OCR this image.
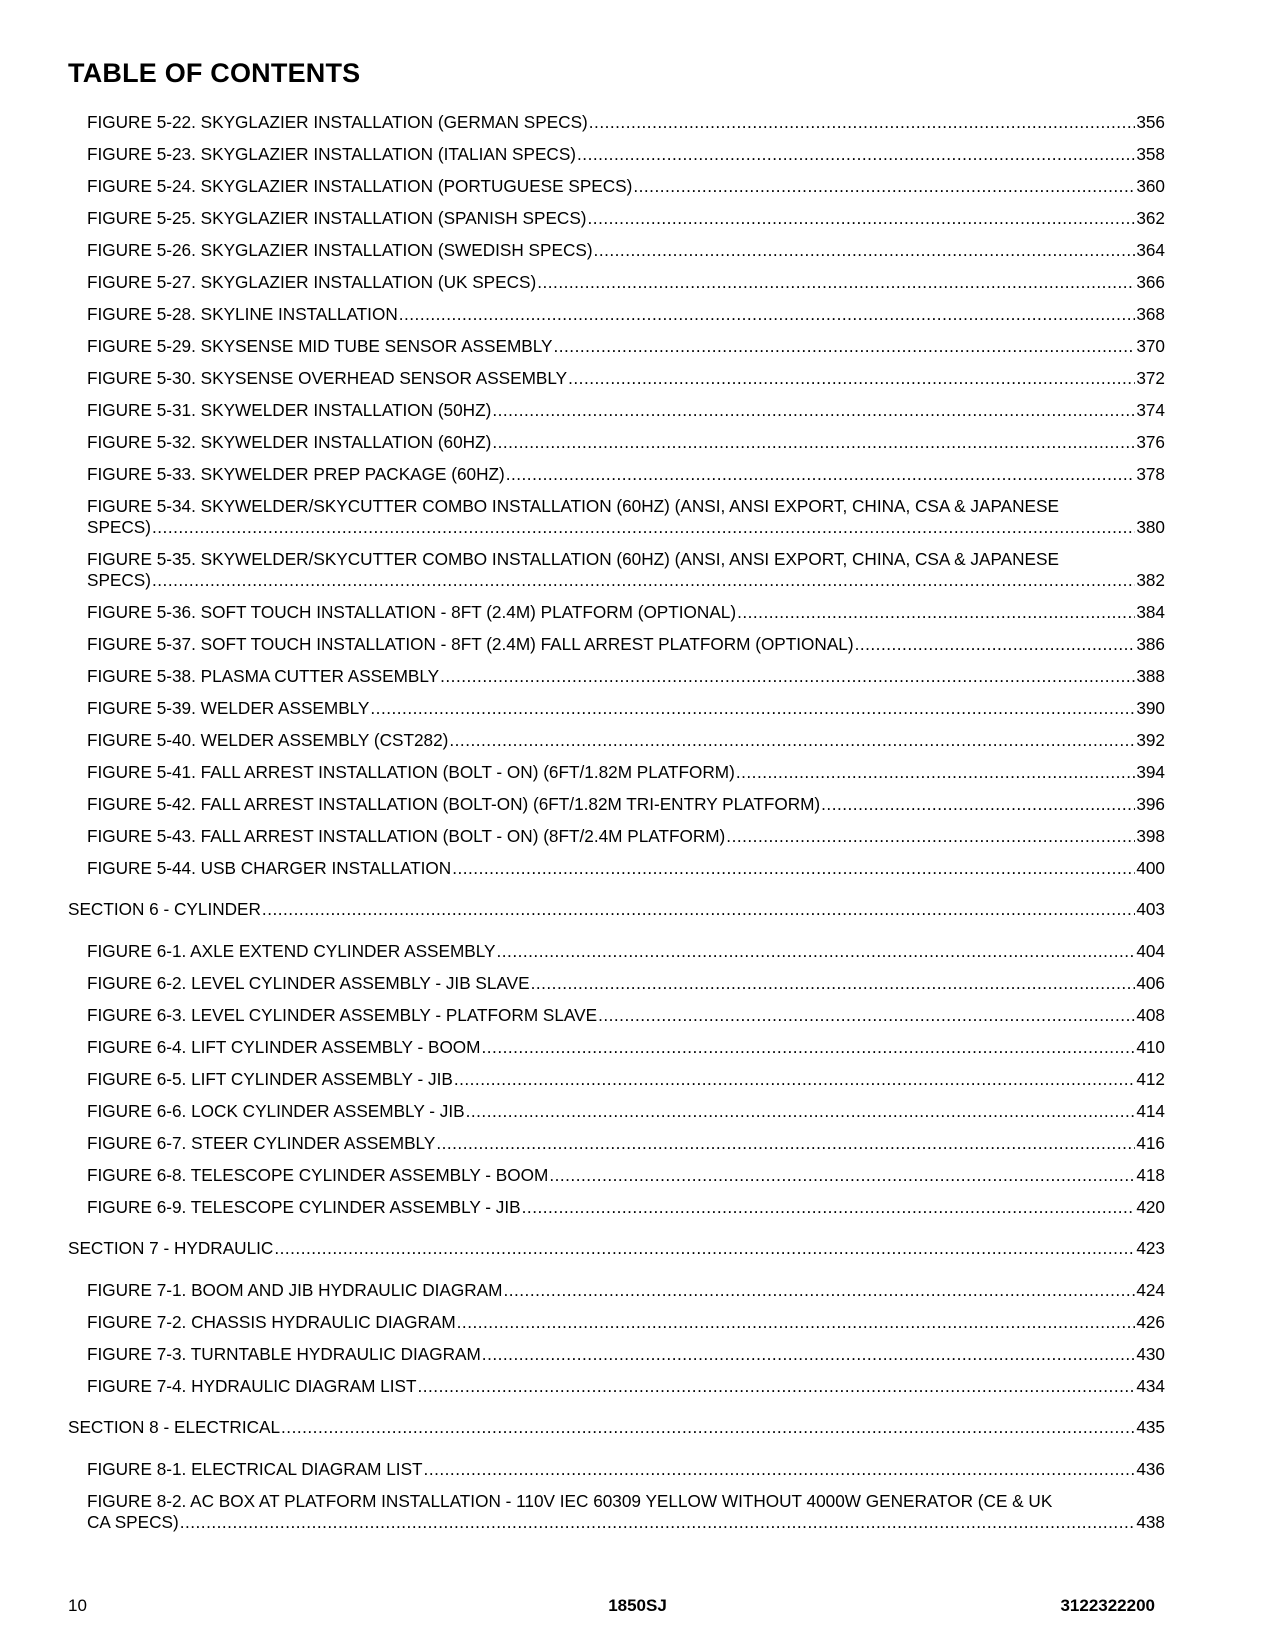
TABLE OF CONTENTS
FIGURE 5-22. SKYGLAZIER INSTALLATION (GERMAN SPECS) .....	356
FIGURE 5-23. SKYGLAZIER INSTALLATION (ITALIAN SPECS) .....	358
FIGURE 5-24. SKYGLAZIER INSTALLATION (PORTUGUESE SPECS) .....	360
FIGURE 5-25. SKYGLAZIER INSTALLATION (SPANISH SPECS) .....	362
FIGURE 5-26. SKYGLAZIER INSTALLATION (SWEDISH SPECS) .....	364
FIGURE 5-27. SKYGLAZIER INSTALLATION (UK SPECS) .....	366
FIGURE 5-28. SKYLINE INSTALLATION .....	368
FIGURE 5-29. SKYSENSE MID TUBE SENSOR ASSEMBLY .....	370
FIGURE 5-30. SKYSENSE OVERHEAD SENSOR ASSEMBLY .....	372
FIGURE 5-31. SKYWELDER INSTALLATION (50HZ) .....	374
FIGURE 5-32. SKYWELDER INSTALLATION (60HZ) .....	376
FIGURE 5-33. SKYWELDER PREP PACKAGE (60HZ) .....	378
FIGURE 5-34. SKYWELDER/SKYCUTTER COMBO INSTALLATION (60HZ) (ANSI, ANSI EXPORT, CHINA, CSA & JAPANESE
SPECS) .....	380
FIGURE 5-35. SKYWELDER/SKYCUTTER COMBO INSTALLATION (60HZ) (ANSI, ANSI EXPORT, CHINA, CSA & JAPANESE
SPECS) .....	382
FIGURE 5-36. SOFT TOUCH INSTALLATION - 8FT (2.4M) PLATFORM (OPTIONAL) .....	384
FIGURE 5-37. SOFT TOUCH INSTALLATION - 8FT (2.4M) FALL ARREST PLATFORM (OPTIONAL) .....	386
FIGURE 5-38. PLASMA CUTTER ASSEMBLY .....	388
FIGURE 5-39. WELDER ASSEMBLY .....	390
FIGURE 5-40. WELDER ASSEMBLY (CST282) .....	392
FIGURE 5-41. FALL ARREST INSTALLATION (BOLT - ON) (6FT/1.82M PLATFORM) .....	394
FIGURE 5-42. FALL ARREST INSTALLATION (BOLT-ON) (6FT/1.82M TRI-ENTRY PLATFORM) .....	396
FIGURE 5-43. FALL ARREST INSTALLATION (BOLT - ON) (8FT/2.4M PLATFORM) .....	398
FIGURE 5-44. USB CHARGER INSTALLATION .....	400
SECTION 6 - CYLINDER .....	403
FIGURE 6-1. AXLE EXTEND CYLINDER ASSEMBLY .....	404
FIGURE 6-2. LEVEL CYLINDER ASSEMBLY - JIB SLAVE .....	406
FIGURE 6-3. LEVEL CYLINDER ASSEMBLY - PLATFORM SLAVE .....	408
FIGURE 6-4. LIFT CYLINDER ASSEMBLY - BOOM .....	410
FIGURE 6-5. LIFT CYLINDER ASSEMBLY - JIB .....	412
FIGURE 6-6. LOCK CYLINDER ASSEMBLY - JIB .....	414
FIGURE 6-7. STEER CYLINDER ASSEMBLY .....	416
FIGURE 6-8. TELESCOPE CYLINDER ASSEMBLY - BOOM .....	418
FIGURE 6-9. TELESCOPE CYLINDER ASSEMBLY - JIB .....	420
SECTION 7 - HYDRAULIC .....	423
FIGURE 7-1. BOOM AND JIB HYDRAULIC DIAGRAM .....	424
FIGURE 7-2. CHASSIS HYDRAULIC DIAGRAM .....	426
FIGURE 7-3. TURNTABLE HYDRAULIC DIAGRAM .....	430
FIGURE 7-4. HYDRAULIC DIAGRAM LIST .....	434
SECTION 8 - ELECTRICAL .....	435
FIGURE 8-1. ELECTRICAL DIAGRAM LIST .....	436
FIGURE 8-2. AC BOX AT PLATFORM INSTALLATION - 110V IEC 60309 YELLOW WITHOUT 4000W GENERATOR (CE & UK
CA SPECS) .....	438
10	1850SJ	3122322200
